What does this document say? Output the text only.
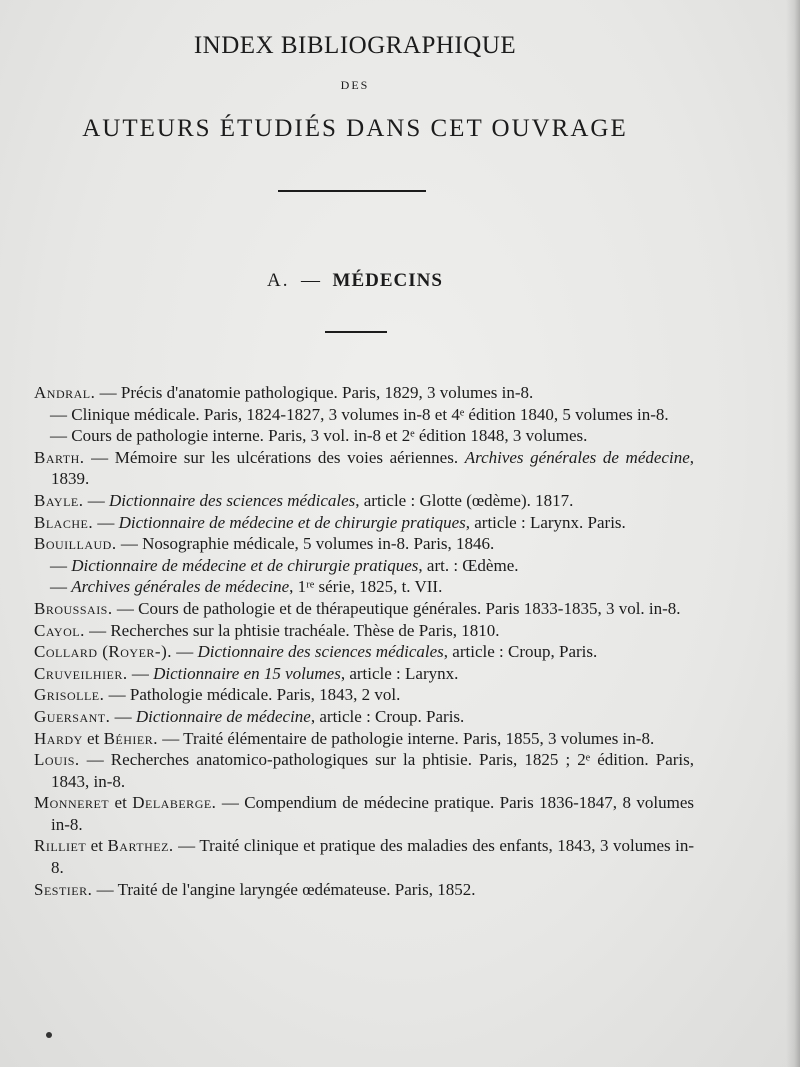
INDEX BIBLIOGRAPHIQUE
DES
AUTEURS ÉTUDIÉS DANS CET OUVRAGE
A. — MÉDECINS
Andral. — Précis d'anatomie pathologique. Paris, 1829, 3 volumes in-8.
— Clinique médicale. Paris, 1824-1827, 3 volumes in-8 et 4ᵉ édition 1840, 5 volumes in-8.
— Cours de pathologie interne. Paris, 3 vol. in-8 et 2ᵉ édition 1848, 3 volumes.
Barth. — Mémoire sur les ulcérations des voies aériennes. Archives générales de médecine, 1839.
Bayle. — Dictionnaire des sciences médicales, article : Glotte (œdème). 1817.
Blache. — Dictionnaire de médecine et de chirurgie pratiques, article : Larynx. Paris.
Bouillaud. — Nosographie médicale, 5 volumes in-8. Paris, 1846.
— Dictionnaire de médecine et de chirurgie pratiques, art. : Œdème.
— Archives générales de médecine, 1ʳᵉ série, 1825, t. VII.
Broussais. — Cours de pathologie et de thérapeutique générales. Paris 1833-1835, 3 vol. in-8.
Cayol. — Recherches sur la phtisie trachéale. Thèse de Paris, 1810.
Collard (Royer-). — Dictionnaire des sciences médicales, article : Croup, Paris.
Cruveilhier. — Dictionnaire en 15 volumes, article : Larynx.
Grisolle. — Pathologie médicale. Paris, 1843, 2 vol.
Guersant. — Dictionnaire de médecine, article : Croup. Paris.
Hardy et Béhier. — Traité élémentaire de pathologie interne. Paris, 1855, 3 volumes in-8.
Louis. — Recherches anatomico-pathologiques sur la phtisie. Paris, 1825 ; 2ᵉ édition. Paris, 1843, in-8.
Monneret et Delaberge. — Compendium de médecine pratique. Paris 1836-1847, 8 volumes in-8.
Rilliet et Barthez. — Traité clinique et pratique des maladies des enfants, 1843, 3 volumes in-8.
Sestier. — Traité de l'angine laryngée œdémateuse. Paris, 1852.
